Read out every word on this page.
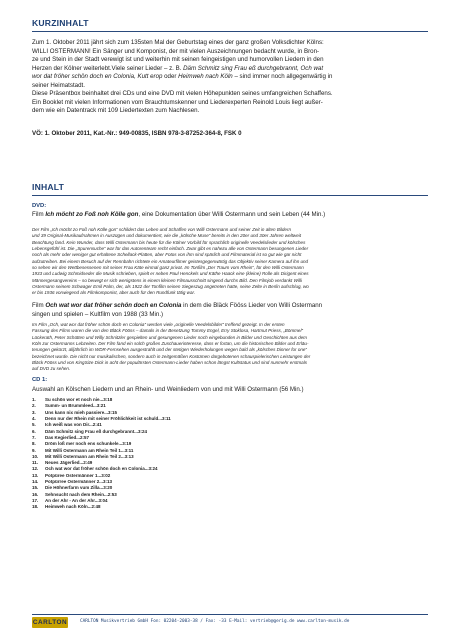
KURZINHALT
Zum 1. Oktober 2011 jährt sich zum 135sten Mal der Geburtstag eines der ganz großen Volksdichter Kölns:
WILLI OSTERMANN! Ein Sänger und Komponist, der mit vielen Auszeichnungen bedacht wurde, in Bron-
ze und Stein in der Stadt verewigt ist und weiterhin mit seinen feingeistigen und humorvollen Liedern in den
Herzen der Kölner weiterlebt.Viele seiner Lieder – z. B. Däm Schmitz sing Frau eß durchgebrannt, Och wat
wor dat fröher schön doch en Colonia, Kutt erop oder Heimweh nach Köln – sind immer noch allgegenwärtig in
seiner Heimatstadt.
Diese Präsentbox beinhaltet drei CDs und eine DVD mit vielen Höhepunkten seines umfangreichen Schaffens.
Ein Booklet mit vielen Informationen vom Brauchtumskenner und Liederexperten Reinold Louis liegt außer-
dem wie ein Datentrack mit 109 Liedertexten zum Nachlesen.
VÖ: 1. Oktober 2011, Kat.-Nr.: 949-00835, ISBN 978-3-87252-364-8, FSK 0
INHALT
DVD:
Film Ich möcht zo Foß noh Kölle gon, eine Dokumentation über Willi Ostermann und sein Leben (44 Min.)
Der Film „Ich möcht zo Foß noh Kölle gon“ schildert das Leben und Schaffen von Willi Ostermann und seiner Zeit in alten Bildern
und 39 Original-Musikaufnahmen in Auszügen und dokumentiert, wie die „kölsche Muse“ bereits in den 20er und 30er Jahren weltweit
Beachtung fand. Kein Wunder, dass Willi Ostermann bis heute für die Kölner Vorbild für sprachlich originelle Veedelslieder und kölsches
Lebensgefühl ist. Die „Spurensuche“ war für das Autorenteam recht einfach. Zwar gibt es nahezu alle von Ostermann besungenen Lieder
noch als mehr oder weniger gut erhaltene Schellack-Platten, aber Fotos von ihm sind spärlich und Filmmaterial ist so gut wie gar nicht
aufzutreiben. Bei einem Besuch auf der Rennbahn richtete ein Amateurfilmer geistesgegenwärtig das Objektiv seiner Kamera auf ihn und
so sehen wir den Wettbesessenen mit seiner Frau Käte einmal ganz privat. Im Tonfilm „Der Traum vom Rhein“, für den Willi Ostermann
1933 und Ludwig Schmidseder die Musik schrieben, spielt er neben Paul Henckels und Käthe Haack eine (kleine) Rolle als Dirigent eines
Männergesangvereins – so bewegt er sich wenigstens in einem kleinen Filmausschnitt singend durchs Bild. Den Filmjob verdankt Willi
Ostermann seinem Schwager Emil Palm, der, als 1922 der Tonfilm seinen Siegeszug angetreten hatte, seine Zelte in Berlin aufschlug, wo
er bis 1936 vorwiegend als Filmkomponist, aber auch für den Rundfunk tätig war.
Film Och wat wor dat fröher schön doch en Colonia in dem die Bläck Fööss Lieder von Willi Ostermann
singen und spielen – Kultfilm von 1988 (33 Min.)
Im Film „Och, wat wor dat fröher schön doch en Colonia“ werden viele „originelle Veedelsbilder“ treffend gezeigt. In der ersten
Fassung des Films waren die von den Bläck Fööss – damals in der Besetzung Tommy Engel, Erry Stoklosa, Hartmut Priess, „Bömmel“
Lückerath, Peter Schütten und Willy Schnitzler gespielten und gesungenen Lieder noch eingebunden in Bilder und Geschichten aus dem
Köln zur Ostermanns Lebzeiten. Der Film fand ein solch großes Zuschauerinteresse, dass er fortan, um die historischen Bilder und Erläu-
terungen gekürzt, alljährlich im WDR-Fernsehen ausgestrahlt und der stetigen Wiederholungen wegen bald als „kölsches Dinner for one“
bezeichnet wurde. Die nicht nur musikalischen, sondern auch in zeitgemäßen Kostümen dargebotenen schauspielerischen Leistungen der
Bläck Fööss und von KingSize Dick in acht der populärsten Ostermann-Lieder haben schon längst Kultstatus und sind nunmehr erstmals
auf DVD zu sehen.
CD 1:
Auswahl an Kölschen Liedern und an Rhein- und Weinliedern von und mit Willi Ostermann (56 Min.)
1. Su schön wor et noch nie...3:18
2. Summ- un Brummleed...3:21
3. Uns kann nix mieh passiere...3:15
4. Denn nur der Rhein mit seiner Fröhlichkeit ist schuld...3:11
5. Ich weiß was von Dir...2:41
6. Däm Schmitz sing Frau eß durchgebrannt...3:24
7. Das Kegierlied...2:57
8. Dröm loß mer noch ens schunkele...3:19
9. Mit Willi Ostermann am Rhein Teil 1...3:11
10. Mit Willi Ostermann am Rhein Teil 2...3:13
11. Neues Jägerlied...2:49
12. Och wat wor dat fröher schön doch en Colonia...3:24
13. Potpüree Ostermänner 1...3:02
14. Potpürree Ostermänner 2...3:13
15. Die Höhnerfarm vum Zilla...3:20
16. Sehnsucht nach dem Rhein...2:53
17. An der Ahr - An der Ahr...3:04
18. Heimweh nach Köln...2:48
CARLTON	CARLTON Musikvertrieb GmbH Fon: 02204-2003-38 / Fax: -33 E-Mail: vertrieb@gerig.de www.carlton-musik.de
